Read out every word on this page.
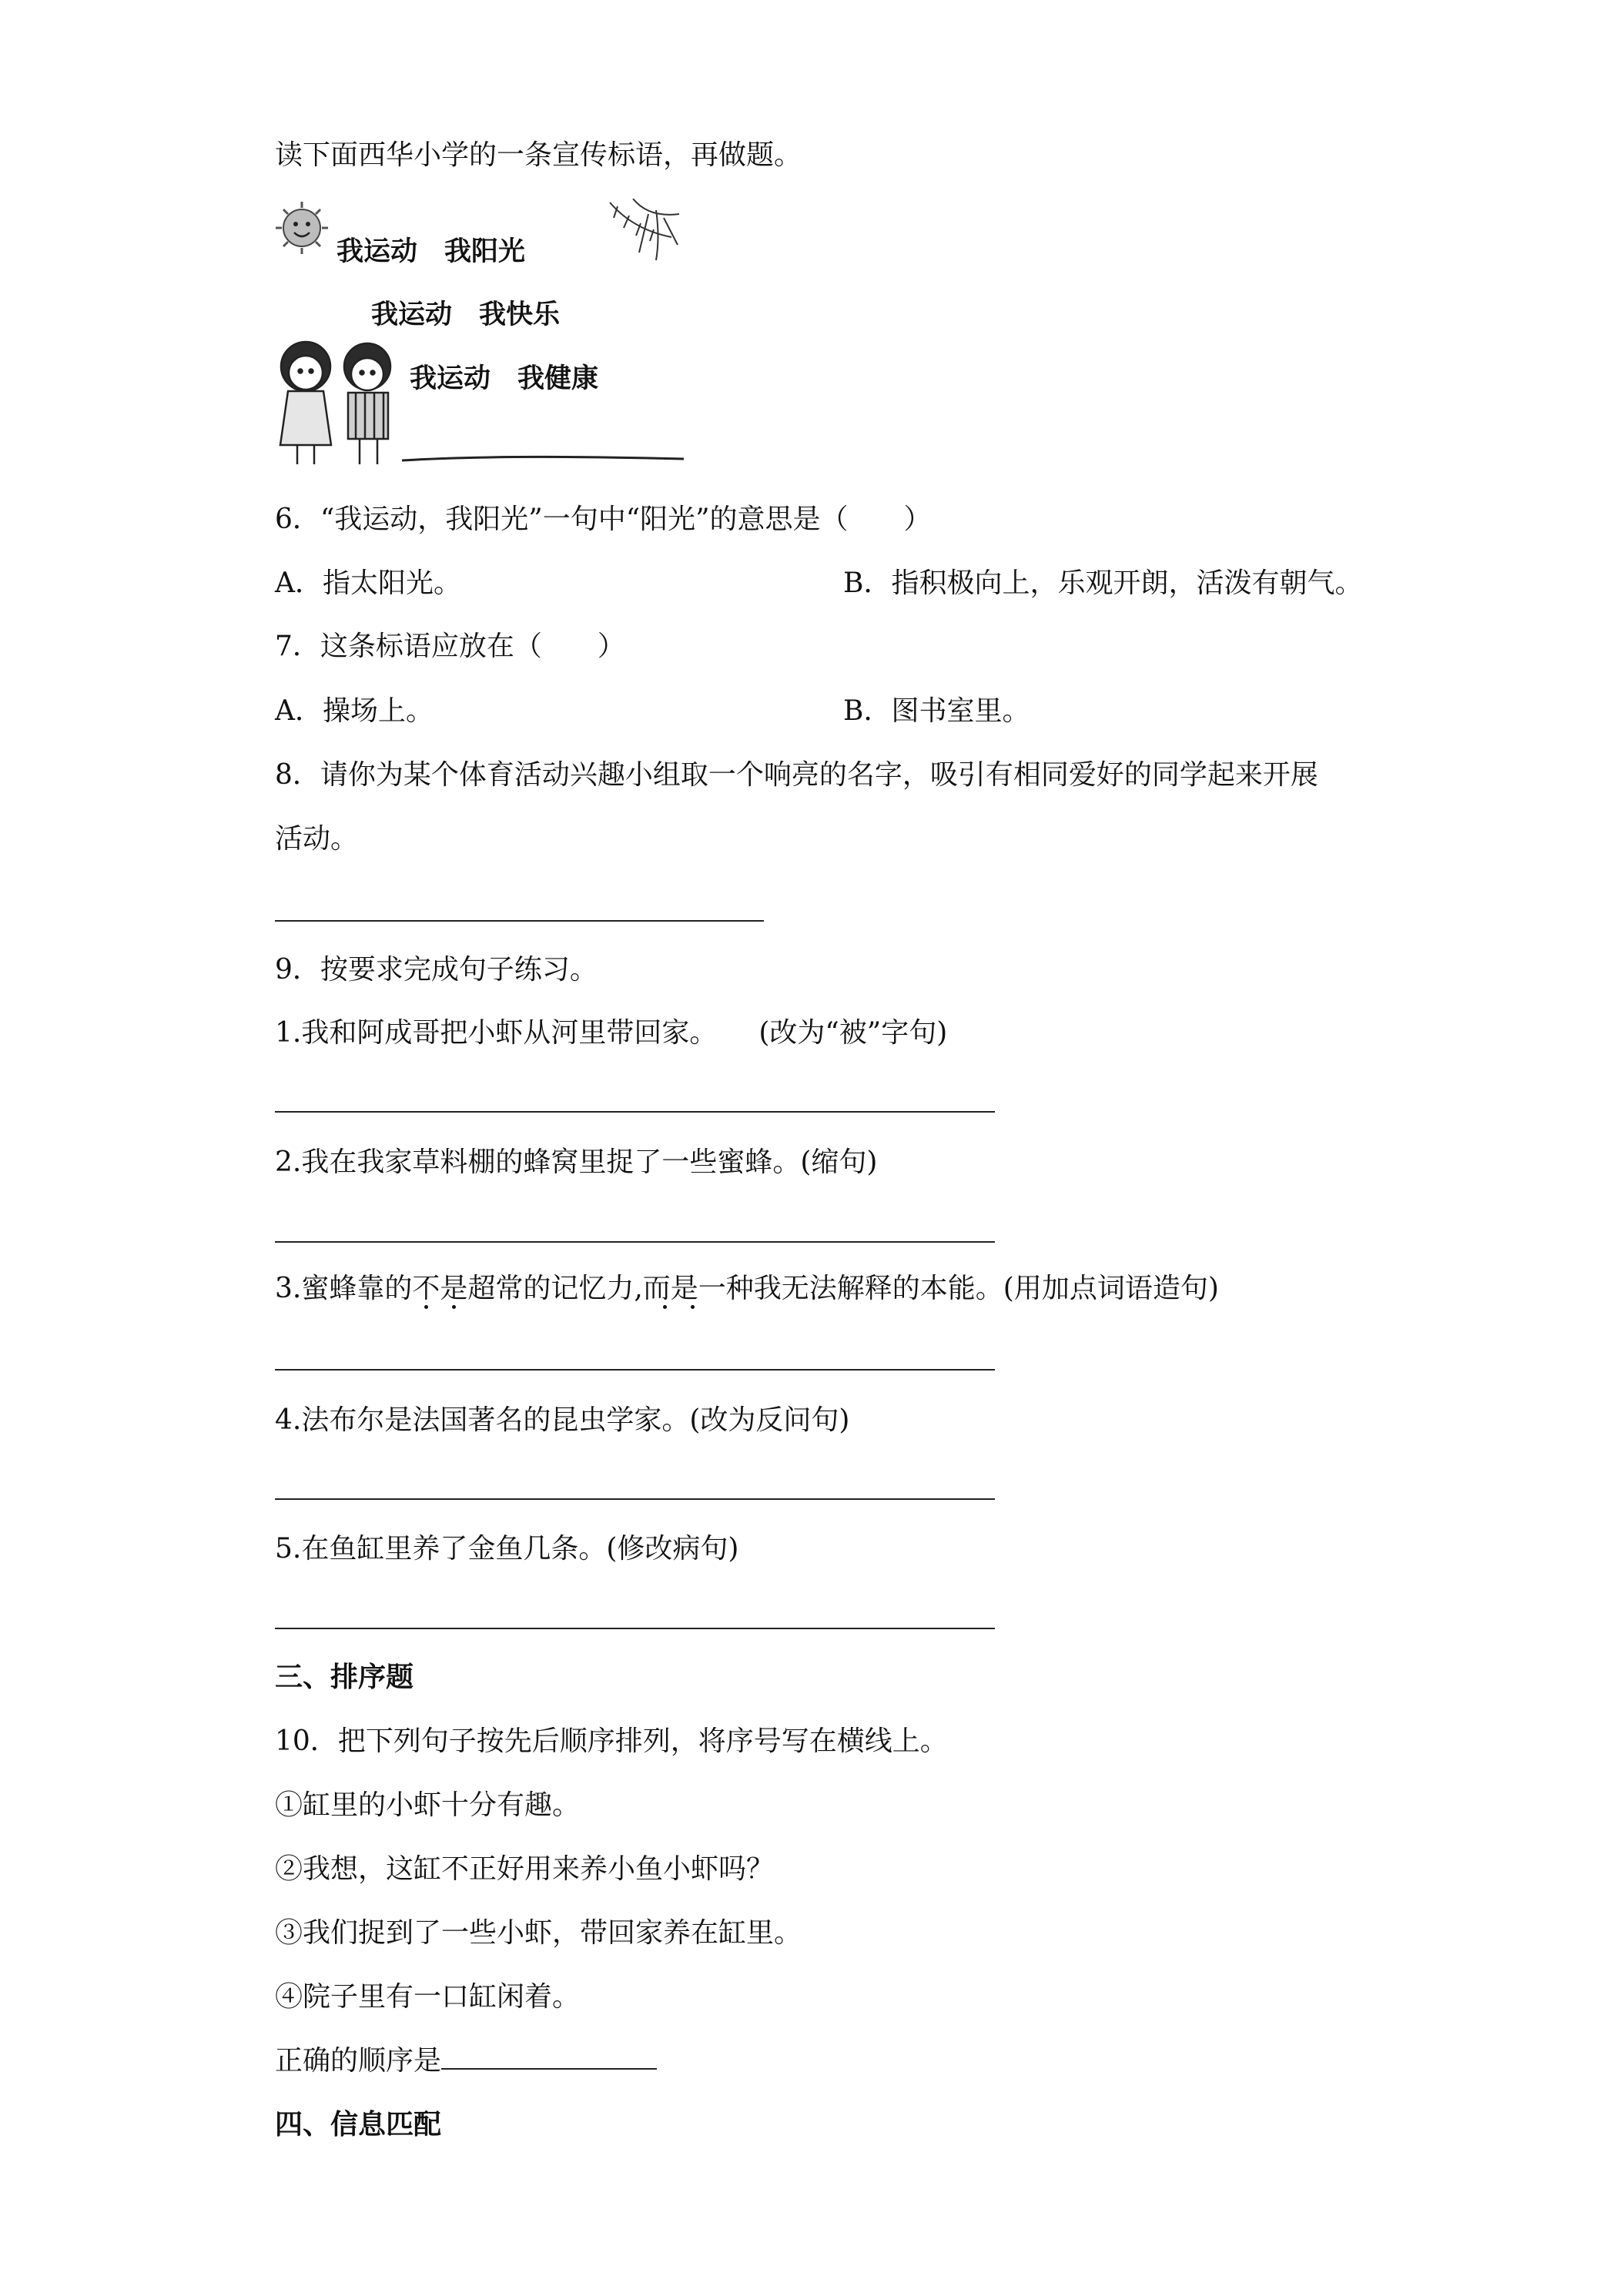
读下面西华小学的一条宣传标语，再做题。
我运动　我阳光
我运动　我快乐
我运动　我健康
6．“我运动，我阳光”一句中“阳光”的意思是（　　）
A．指太阳光。	B．指积极向上，乐观开朗，活泼有朝气。
7．这条标语应放在（　　）
A．操场上。	B．图书室里。
8．请你为某个体育活动兴趣小组取一个响亮的名字，吸引有相同爱好的同学起来开展
活动。
9．按要求完成句子练习。
1.我和阿成哥把小虾从河里带回家。　　(改为“被”字句)
2.我在我家草料棚的蜂窝里捉了一些蜜蜂。(缩句)
3.蜜蜂靠的不是超常的记忆力,而是一种我无法解释的本能。(用加点词语造句)
4.法布尔是法国著名的昆虫学家。(改为反问句)
5.在鱼缸里养了金鱼几条。(修改病句)
三、排序题
10．把下列句子按先后顺序排列，将序号写在横线上。
①缸里的小虾十分有趣。
②我想，这缸不正好用来养小鱼小虾吗？
③我们捉到了一些小虾，带回家养在缸里。
④院子里有一口缸闲着。
正确的顺序是
四、信息匹配
